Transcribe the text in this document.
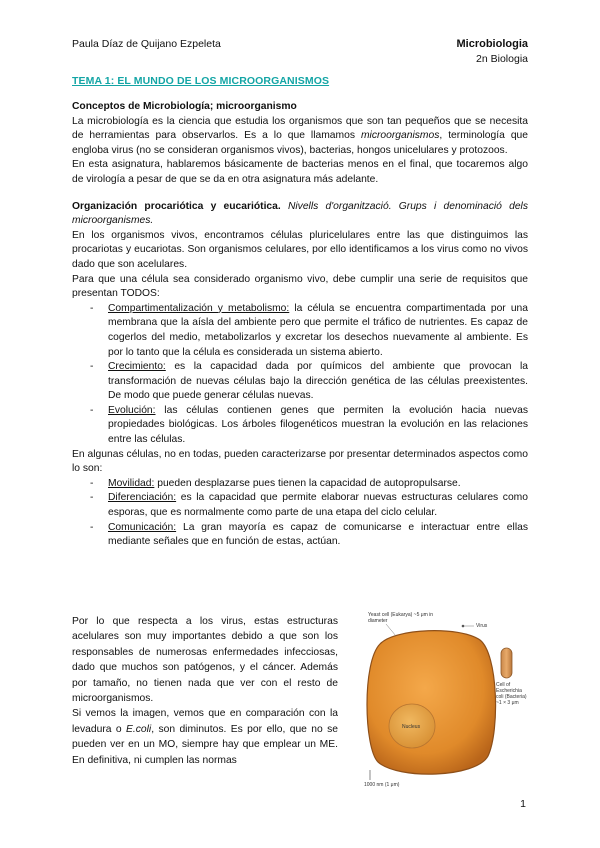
Paula Díaz de Quijano Ezpeleta	Microbiologia
2n Biologia
TEMA 1: EL MUNDO DE LOS MICROORGANISMOS

Conceptos de Microbiología; microorganismo

La microbiología es la ciencia que estudia los organismos que son tan pequeños que se necesita de herramientas para observarlos. Es a lo que llamamos microorganismos, terminología que engloba virus (no se consideran organismos vivos), bacterias, hongos unicelulares y protozoos.

En esta asignatura, hablaremos básicamente de bacterias menos en el final, que tocaremos algo de virología a pesar de que se da en otra asignatura más adelante.

Organización procariótica y eucariótica. Nivells d'organització. Grups i denominació dels microorganismes.

En los organismos vivos, encontramos células pluricelulares entre las que distinguimos las procariotas y eucariotas. Son organismos celulares, por ello identificamos a los virus como no vivos dado que son acelulares.

Para que una célula sea considerado organismo vivo, debe cumplir una serie de requisitos que presentan TODOS:

- Compartimentalización y metabolismo: la célula se encuentra compartimentada por una membrana que la aísla del ambiente pero que permite el tráfico de nutrientes. Es capaz de cogerlos del medio, metabolizarlos y excretar los desechos nuevamente al ambiente. Es por lo tanto que la célula es considerada un sistema abierto.
- Crecimiento: es la capacidad dada por químicos del ambiente que provocan la transformación de nuevas células bajo la dirección genética de las células preexistentes. De modo que puede generar células nuevas.
- Evolución: las células contienen genes que permiten la evolución hacia nuevas propiedades biológicas. Los árboles filogenéticos muestran la evolución en las relaciones entre las células.

En algunas células, no en todas, pueden caracterizarse por presentar determinados aspectos como lo son:

- Movilidad: pueden desplazarse pues tienen la capacidad de autopropulsarse.
- Diferenciación: es la capacidad que permite elaborar nuevas estructuras celulares como esporas, que es normalmente como parte de una etapa del ciclo celular.
- Comunicación: La gran mayoría es capaz de comunicarse e interactuar entre ellas mediante señales que en función de estas, actúan.

Por lo que respecta a los virus, estas estructuras acelulares son muy importantes debido a que son los responsables de numerosas enfermedades infecciosas, dado que muchos son patógenos, y el cáncer. Además por tamaño, no tienen nada que ver con el resto de microorganismos.

Si vemos la imagen, vemos que en comparación con la levadura o E.coli, son diminutos. Es por ello, que no se pueden ver en un MO, siempre hay que emplear un ME. En definitiva, ni cumplen las normas

Yeast cell (Eukarya) ~5 μm in diameter
Virus
Cell of Escherichia coli (Bacteria) ~1 × 3 μm
Nucleus
1000 nm (1 μm)
1
